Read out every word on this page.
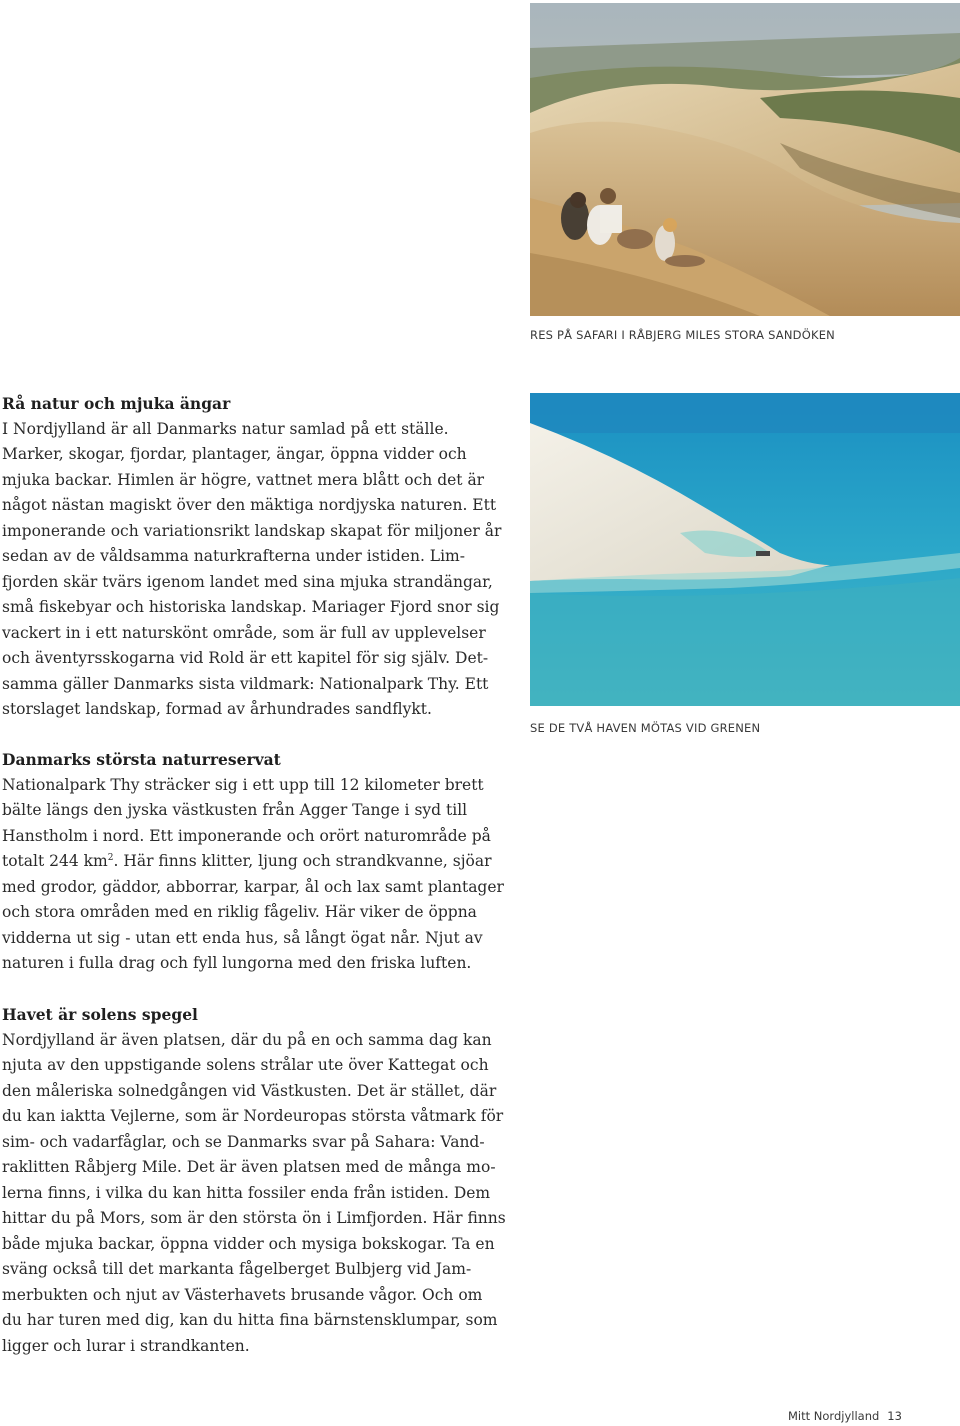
RES PÅ SAFARI I RÅBJERG MILES STORA SANDÖKEN
SE DE TVÅ HAVEN MÖTAS VID GRENEN
Rå natur och mjuka ängar
I Nordjylland är all Danmarks natur samlad på ett ställe.
Marker, skogar, fjordar, plantager, ängar, öppna vidder och
mjuka backar. Himlen är högre, vattnet mera blått och det är
något nästan magiskt över den mäktiga nordjyska naturen. Ett
imponerande och variationsrikt landskap skapat för miljoner år
sedan av de våldsamma naturkrafterna under istiden. Lim-
fjorden skär tvärs igenom landet med sina mjuka strandängar,
små fiskebyar och historiska landskap. Mariager Fjord snor sig
vackert in i ett naturskönt område, som är full av upplevelser
och äventyrsskogarna vid Rold är ett kapitel för sig själv. Det-
samma gäller Danmarks sista vildmark: Nationalpark Thy. Ett
storslaget landskap, formad av århundrades sandflykt.
Danmarks största naturreservat
Nationalpark Thy sträcker sig i ett upp till 12 kilometer brett
bälte längs den jyska västkusten från Agger Tange i syd till
Hanstholm i nord. Ett imponerande och orört naturområde på
totalt 244 $km^2$. Här finns klitter, ljung och strandkvanne, sjöar
med grodor, gäddor, abborrar, karpar, ål och lax samt plantager
och stora områden med en riklig fågeliv. Här viker de öppna
vidderna ut sig - utan ett enda hus, så långt ögat når. Njut av
naturen i fulla drag och fyll lungorna med den friska luften.
Havet är solens spegel
Nordjylland är även platsen, där du på en och samma dag kan
njuta av den uppstigande solens strålar ute över Kattegat och
den måleriska solnedgången vid Västkusten. Det är stället, där
du kan iaktta Vejlerne, som är Nordeuropas största våtmark för
sim- och vadarfåglar, och se Danmarks svar på Sahara: Vand-
raklitten Råbjerg Mile. Det är även platsen med de många mo-
lerna finns, i vilka du kan hitta fossiler enda från istiden. Dem
hittar du på Mors, som är den största ön i Limfjorden. Här finns
både mjuka backar, öppna vidder och mysiga bokskogar. Ta en
sväng också till det markanta fågelberget Bulbjerg vid Jam-
merbukten och njut av Västerhavets brusande vågor. Och om
du har turen med dig, kan du hitta fina bärnstensklumpar, som
ligger och lurar i strandkanten.
Mitt Nordjylland 13
